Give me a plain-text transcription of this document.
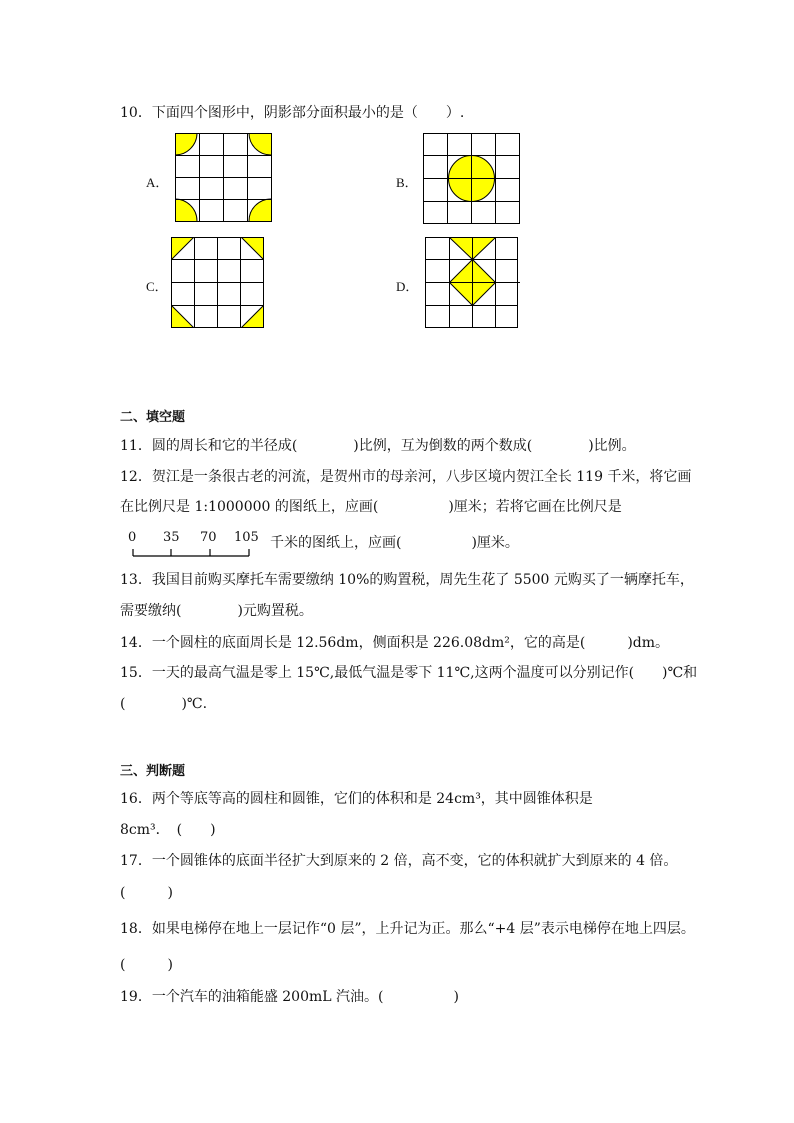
10．下面四个图形中，阴影部分面积最小的是（　　）.
A．	B．
C．	D．
二、填空题
11．圆的周长和它的半径成(　　　　)比例，互为倒数的两个数成(　　　　)比例。
12．贺江是一条很古老的河流，是贺州市的母亲河，八步区境内贺江全长 119 千米，将它画
在比例尺是 1:1000000 的图纸上，应画(　　　　　)厘米；若将它画在比例尺是
0 35 70 105 千米的图纸上，应画(　　　　　)厘米。
13．我国目前购买摩托车需要缴纳 10%的购置税，周先生花了 5500 元购买了一辆摩托车，
需要缴纳(　　　　)元购置税。
14．一个圆柱的底面周长是 12.56dm，侧面积是 226.08dm²，它的高是(　　　)dm。
15．一天的最高气温是零上 15℃,最低气温是零下 11℃,这两个温度可以分别记作(　　)℃和
(　　　　)℃.
三、判断题
16．两个等底等高的圆柱和圆锥，它们的体积和是 24cm³，其中圆锥体积是
8cm³．　(　　)
17．一个圆锥体的底面半径扩大到原来的 2 倍，高不变，它的体积就扩大到原来的 4 倍。
(　　　)
18．如果电梯停在地上一层记作“0 层”，上升记为正。那么“+4 层”表示电梯停在地上四层。
(　　　)
19．一个汽车的油箱能盛 200mL 汽油。(　　　　　)
